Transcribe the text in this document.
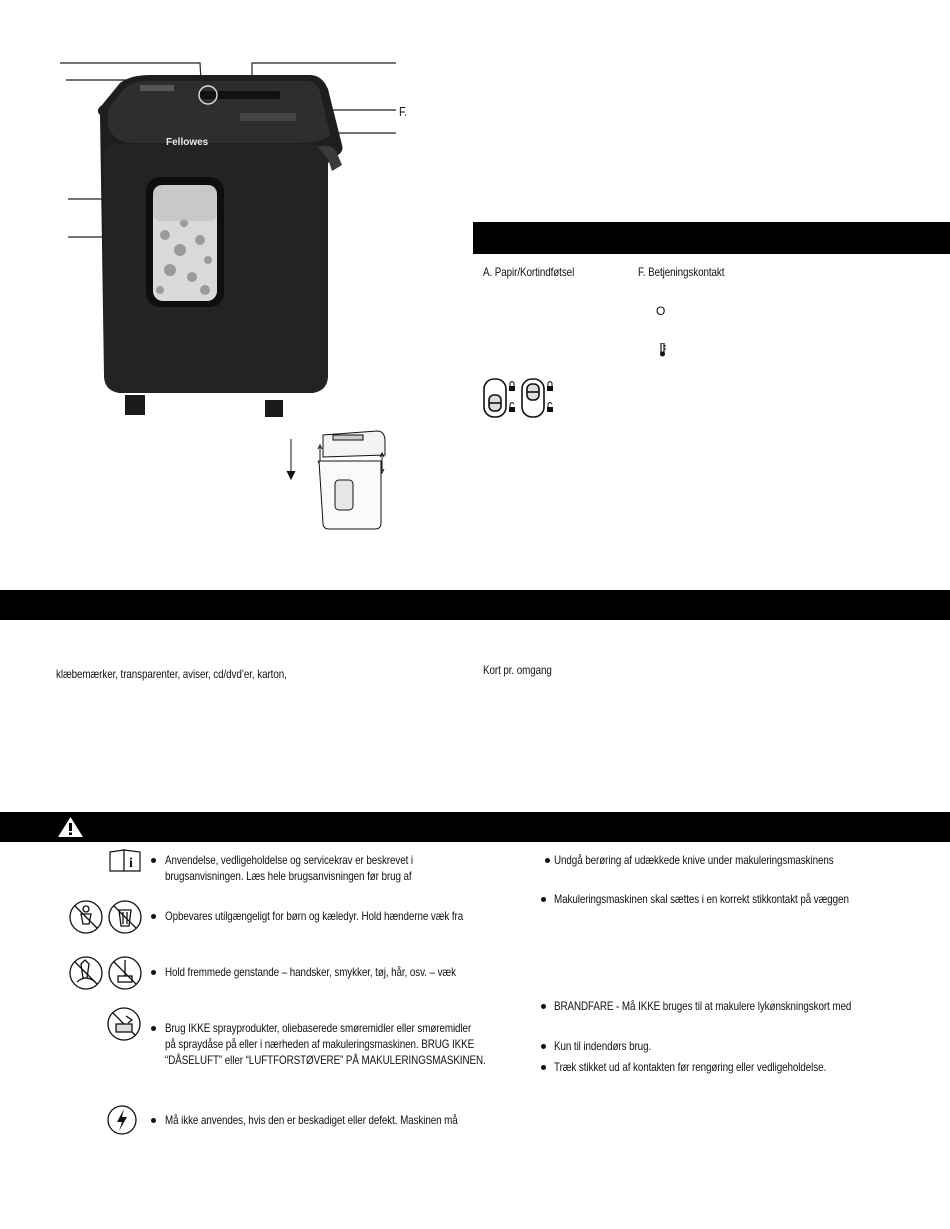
Fellowes
F.
A. Papir/Kortindføtsel	F. Betjeningskontakt
O
klæbemærker, transparenter, aviser, cd/dvd’er, karton,	Kort pr. omgang
i	Anvendelse, vedligeholdelse og servicekrav er beskrevet i
brugsanvisningen. Læs hele brugsanvisningen før brug af
Opbevares utilgængeligt for børn og kæledyr. Hold hænderne væk fra
Hold fremmede genstande – handsker, smykker, tøj, hår, osv. – væk
Brug IKKE sprayprodukter, oliebaserede smøremidler eller smøremidler
på spraydåse på eller i nærheden af makuleringsmaskinen. BRUG IKKE
“DÅSELUFT” eller “LUFTFORSTØVERE” PÅ MAKULERINGSMASKINEN.
Må ikke anvendes, hvis den er beskadiget eller defekt. Maskinen må
Undgå berøring af udækkede knive under makuleringsmaskinens
Makuleringsmaskinen skal sættes i en korrekt stikkontakt på væggen
BRANDFARE - Må IKKE bruges til at makulere lykønskningskort med
Kun til indendørs brug.
Træk stikket ud af kontakten før rengøring eller vedligeholdelse.
